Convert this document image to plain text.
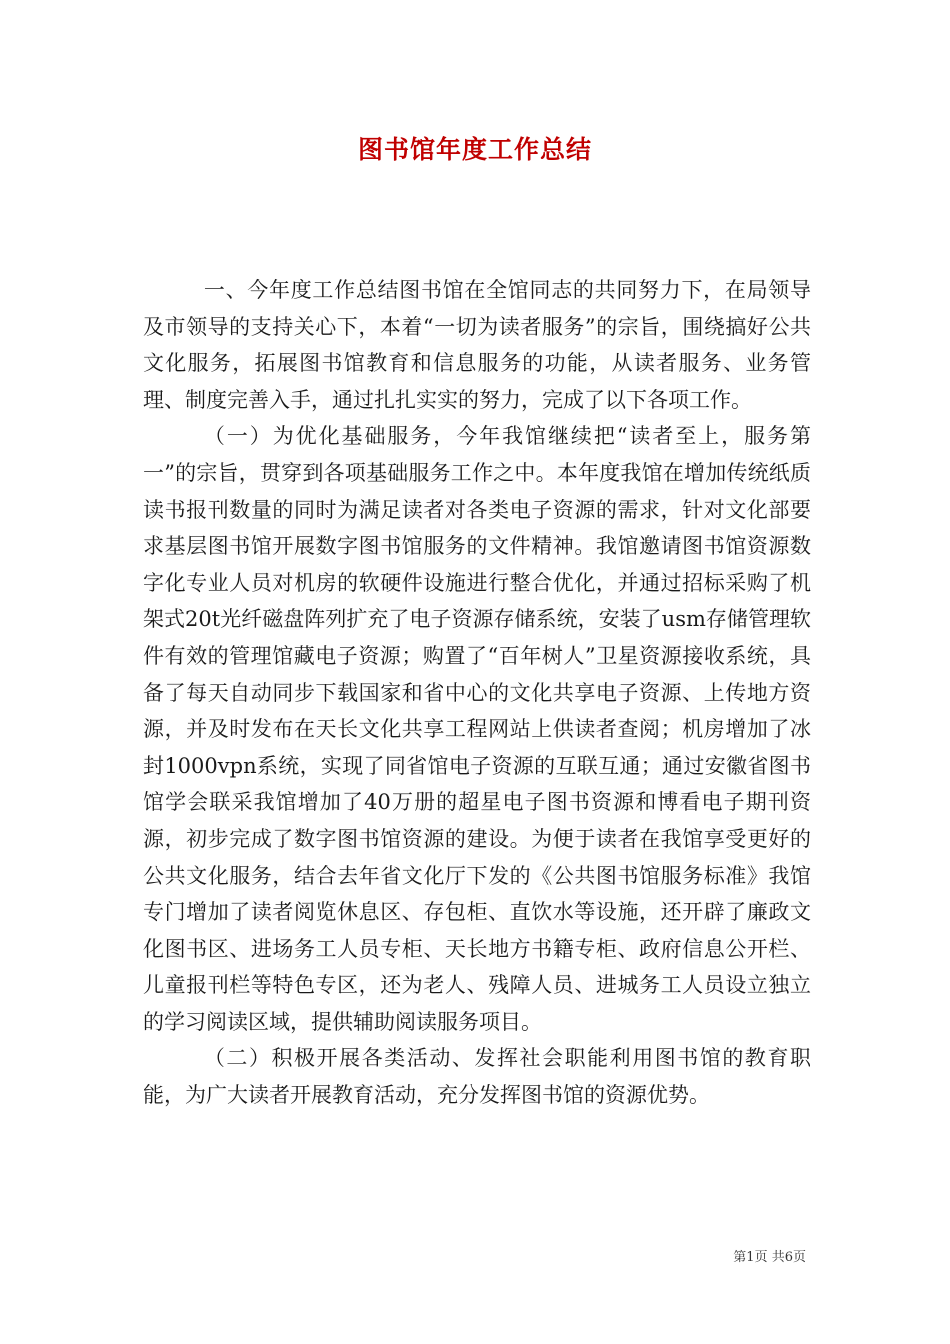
图书馆年度工作总结

一、今年度工作总结图书馆在全馆同志的共同努力下，在局领导及市领导的支持关心下，本着“一切为读者服务”的宗旨，围绕搞好公共文化服务，拓展图书馆教育和信息服务的功能，从读者服务、业务管理、制度完善入手，通过扎扎实实的努力，完成了以下各项工作。

（一）为优化基础服务，今年我馆继续把“读者至上，服务第一”的宗旨，贯穿到各项基础服务工作之中。本年度我馆在增加传统纸质读书报刊数量的同时为满足读者对各类电子资源的需求，针对文化部要求基层图书馆开展数字图书馆服务的文件精神。我馆邀请图书馆资源数字化专业人员对机房的软硬件设施进行整合优化，并通过招标采购了机架式20t光纤磁盘阵列扩充了电子资源存储系统，安装了usm存储管理软件有效的管理馆藏电子资源；购置了“百年树人”卫星资源接收系统，具备了每天自动同步下载国家和省中心的文化共享电子资源、上传地方资源，并及时发布在天长文化共享工程网站上供读者查阅；机房增加了冰封1000vpn系统，实现了同省馆电子资源的互联互通；通过安徽省图书馆学会联采我馆增加了40万册的超星电子图书资源和博看电子期刊资源，初步完成了数字图书馆资源的建设。为便于读者在我馆享受更好的公共文化服务，结合去年省文化厅下发的《公共图书馆服务标准》我馆专门增加了读者阅览休息区、存包柜、直饮水等设施，还开辟了廉政文化图书区、进场务工人员专柜、天长地方书籍专柜、政府信息公开栏、儿童报刊栏等特色专区，还为老人、残障人员、进城务工人员设立独立的学习阅读区域，提供辅助阅读服务项目。

（二）积极开展各类活动、发挥社会职能利用图书馆的教育职能，为广大读者开展教育活动，充分发挥图书馆的资源优势。

第1页 共6页
